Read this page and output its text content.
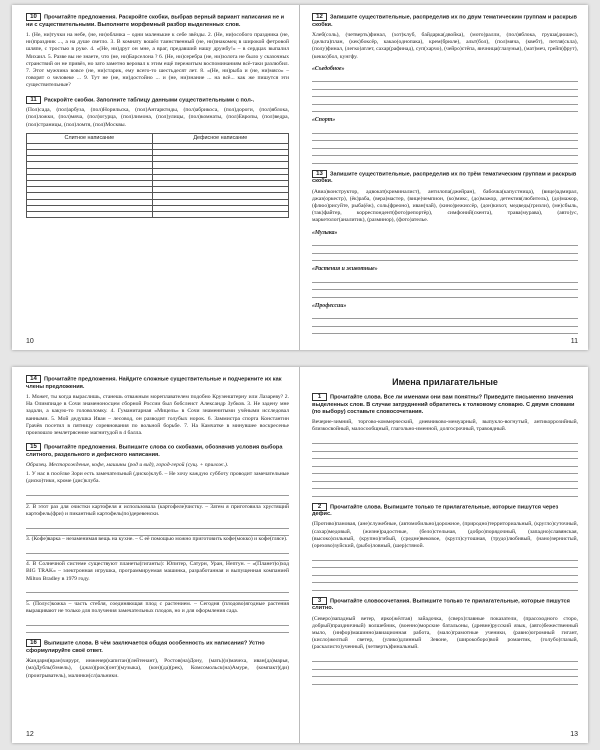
10 Прочитайте предложения. Раскройте скобки, выбрав верный вариант написания не и ни с существительными. Выполните морфемный разбор выделенных слов.
1. (Не, ни)тучки на небе, (не, ни)облачка – одни маленькие к себе звёзды. 2. (Не, ни)особого праздника (не, ни)праздник ..., а на душе светло. 3. В комнату вошёл таинственный (не, ни)знакомец в широкой фетровой шляпе, с тростью в руке. 4. «(Не, ни)друг он мне, а враг, предавший нашу дружбу!» – в сердцах выпалил Михаил. 5. Разве вы не знаете, что (не, ни)Барселона ? 6. (Не, ни)серебра (не, ни)золота не было у сказочных странствий он не привёз, но зато заметно веровал к этим ещё пережитым воспоминаниям всё-таки разлюбил. 7. Этот мужчина вовсе (не, ни)старик, ему всего-то шестьдесят лет. 8. «(Не, ни)рыба и (не, ни)мясо» – говорят о человеке ... 9. Тут не (не, ни)достойно ... и (не, ни)знание ... на всё... как же пишутся эти существительные?
11 Раскройте скобки. Заполните таблицу данными существительными с пол-.
(Пол)сада, (пол)арбуза, (пол)Норильска, (пол)Антарктиды, (пол)абрикоса, (пол)дороги, (пол)яблока, (пол)ложки, (пол)мяча, (пол)огурца, (пол)лимона, (пол)улицы, (пол)комнаты, (пол)Европы, (пол)ведра, (пол)страницы, (пол)ломтя, (пол)Москвы.
Слитное написание	Дефисное написание

10
12 Запишите существительные, распределив их по двум тематическим группам и раскрыв скобки.
Хлеб(соль), (четверть)финал, (хот)клуб, байдарка(двойка), (мото)ралли, (пол)яблока, груша(дюшес), (дельта)план, (кек)боксёр, какао(однопака), крем(брюле), альт(бол), (пол)мяча, (квебт), петля(скла), (полу)финал, (легко)атлет, сахар(рафинад), суп(харчо), (чейро)стёпа, яичница(глазунья), (мат)меч, грейп(фрут), (кекко)бол, кунгфу.
«Съедобное»
«Спорт»
13 Запишите существительные, распределив их по трём тематическим группам и раскрыв скобки.
(Авиа)конструктор, адвокат(криминалист), антилопа(джейран), бабочка(капустница), (вице)адмирал, джаз(оркестр), (ёк)раба, (вера)мастер, (вице)чемпион, (ко)микс, (до)мажор, детектив(любитель), (до)мажор, (флюо)рисуйте, рыба(ёж), соль(фреоно), иван(чай), (кино)режиссёр, (дон)кихот, медведь(гризли), (ме)сбыль, (так)файтер, корреспондент(фото)репортёр), симфоний(скента), трава(мурава), (авто)ус, маркетолог(аналитик), (разминор), (фото)ателье.
«Музыка»
«Растения и животные»
«Профессии»
11
14 Прочитайте предложения. Найдите сложные существительные и подчеркните их как члены предложения.
1. Может, ты когда выраслишь, станешь отважным мореплавателем подобно Крузенштерну или Лазареву? 2. На Олимпиаде в Сочи знаменоносцем сборной России был бобслеист Александр Зубков. 3. Не задену мне задали, а какую-то головоломку. 4. Гуманитарная «Мицель» в Сочи знаменитыми учёными исследовал ванными. 5. Мой дедушка Иван – лесовод, он разводит голубых норок. 6. Заммистра спорта Константин Грачёв посетил в пятницу соревнования по вольной борьбе. 7. На Камчатке в минувшее воскресенье произошло землетрясение магнитудой в 4 балла.
15 Прочитайте предложения. Выпишите слова со скобками, обозначив условия выбора слитного, раздельного и дефисного написания.
Образец. Месторождение, кофе, машины (род и вид), город-герой (сущ. + прилож.).
1. У нас в посёлке Зори есть замечательный (диско)клуб. – Не хочу каждую субботу проводит замечательные (диско)тики, кроме (дис)клуба.
2. В этот раз для очистки картофеля я использовала (картофеле)чистку. – Затем я приготовила хрустящий картофель(фри) и пикантный картофель(по)деревенски.
3. (Кофе)варка – незаменимая вещь на кухне. – С её помощью можно приготовить кофе(мокко) и кофе(глясе).
4. В Солнечной системе существуют планеты(гиганты): Юпитер, Сатурн, Уран, Нептун. – «(Планет)о)ход BIG TRAK» – электронная игрушка, программируемая машинка, разработанная и выпущенная компанией Milton Bradley в 1979 году.
5. (Полус)кожка – часть стебля, соединяющая плод с растением. – Сегодня (плодово)ягодные растения выращивают не только для получения замечательных плодов, но и для оформления сада.
16 Выпишите слова. В чём заключается общая особенность их написания? Устно сформулируйте своё ответ.
Жандарм(вран)хирург, инженер(капитан)(лейтенант), Ростов(на)Дону, (мать)(и)мачеха, иван(да)марья, (ма)Дубль(бэмель), (джаз)(рок)(онт)(музыка), (кон)(да)(рек), Комсомольск(на)Амуре, (компакт)(ди)(проигрыватель), малинки(сл)альники.
12
Имена прилагательные
1 Прочитайте слова. Все ли именами они вам понятны? Приведите письменно значения выделенных слов. В случае затруднений обратитесь к толковому словарю. С двумя словами (по выбору) составьте словосочетания.
Вечерне-зимний, торгово-коммерческий, дневниково-мемуарный, выпукло-вогнутый, антикоррозийный, близкосвойный, малосообщный, глагольно-именной, долгосрочный, травоядный.
2 Прочитайте слова. Выпишите только те прилагательные, которые пишутся через дефис.
(Противо)пановая, (ане)служебные, (автомобильно)дорожное, (природно)территориальный, (кругло)суточный, (сахар)медовый, (жизне)радостные, (бело)стельная, (добро)порядочный, (западно)славянская, (высоко)сильный, (крупно)гибый, (средне)вековое, (кругл)сутошная, (трудо)любивый, (нано)зернистый, (орехово)зуйский, (рыбо)ловный, (шер)стяной.
3 Прочитайте словосочетания. Выпишите только те прилагательные, которые пишутся слитно.
(Северо)западный ветер, ярко(жёлтая) зайадочка, (сверх)главные показатели, (прасоходного сторо, добрый)праздничный) волшебник, (военно)морские батальоны, (древне)русский язык, (авто)бежественный мыло, (инфор)машинно)авиационная работа, (мало)грамотные ученики, (равно)огромный гигант, (кисло)желтый светер, (улико)длинный Зевоне, (широкоборо)вой романтик, (голубо)глазый, (раскалисто)ученный, (четверть)финальный.
13
